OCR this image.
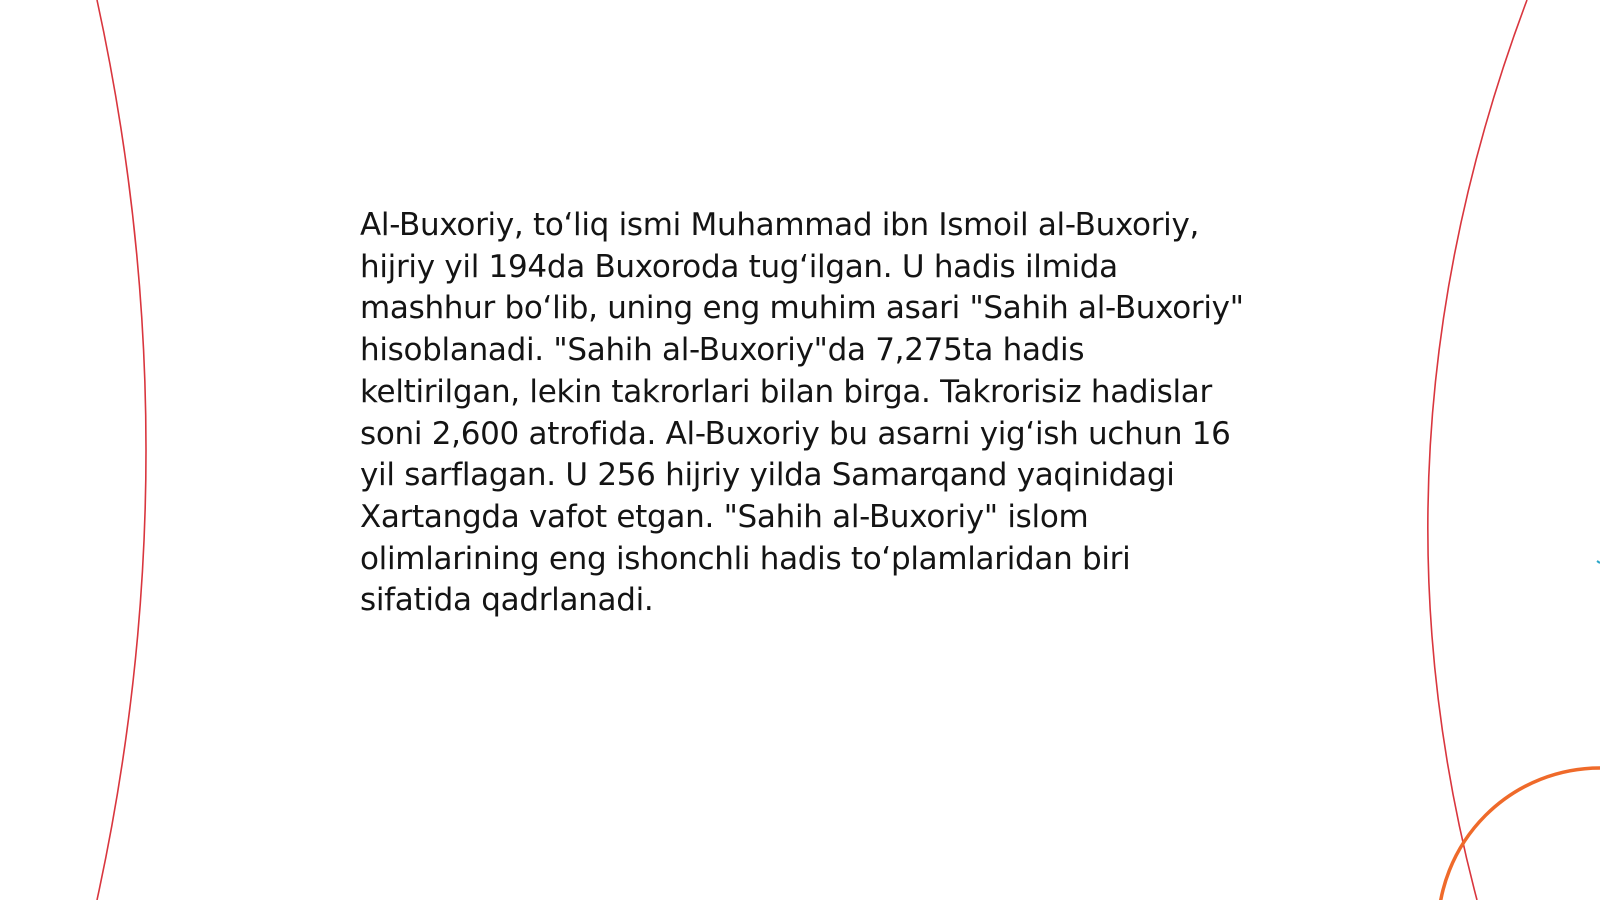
Al-Buxoriy, to‘liq ismi Muhammad ibn Ismoil al-Buxoriy, hijriy yil 194da Buxoroda tug‘ilgan. U hadis ilmida mashhur bo‘lib, uning eng muhim asari "Sahih al-Buxoriy" hisoblanadi. "Sahih al-Buxoriy"da 7,275ta hadis keltirilgan, lekin takrorlari bilan birga. Takrorisiz hadislar soni 2,600 atrofida. Al-Buxoriy bu asarni yig‘ish uchun 16 yil sarflagan. U 256 hijriy yilda Samarqand yaqinidagi Xartangda vafot etgan. "Sahih al-Buxoriy" islom olimlarining eng ishonchli hadis to‘plamlaridan biri sifatida qadrlanadi.
